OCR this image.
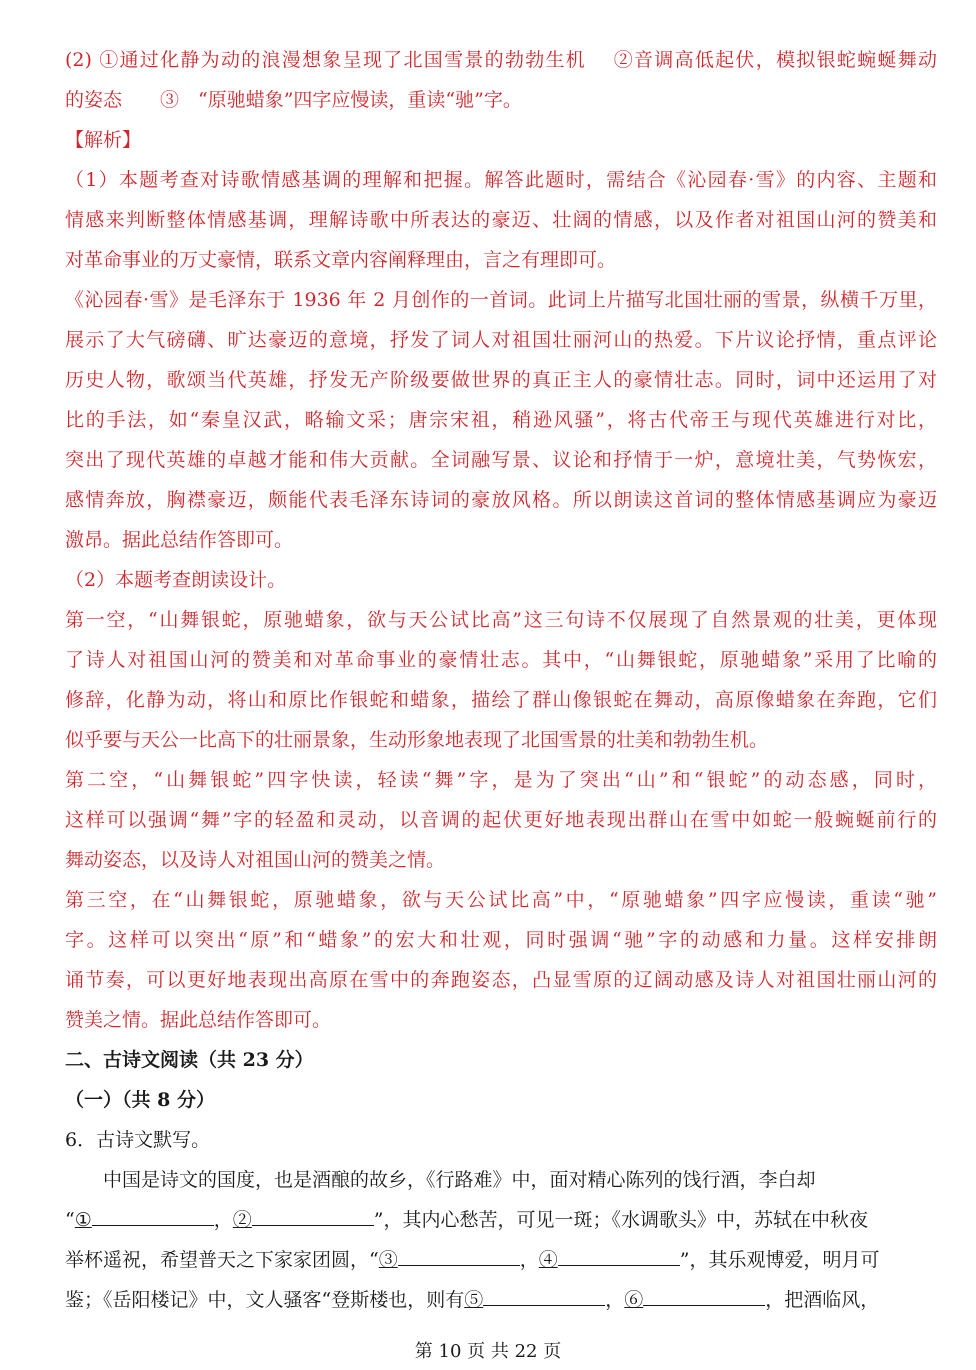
(2) ①通过化静为动的浪漫想象呈现了北国雪景的勃勃生机　 ②音调高低起伏，模拟银蛇蜿蜒舞动
的姿态　　③　“原驰蜡象”四字应慢读，重读“驰”字。
【解析】
（1）本题考查对诗歌情感基调的理解和把握。解答此题时，需结合《沁园春·雪》的内容、主题和
情感来判断整体情感基调，理解诗歌中所表达的豪迈、壮阔的情感，以及作者对祖国山河的赞美和
对革命事业的万丈豪情，联系文章内容阐释理由，言之有理即可。
《沁园春·雪》是毛泽东于 1936 年 2 月创作的一首词。此词上片描写北国壮丽的雪景，纵横千万里，
展示了大气磅礴、旷达豪迈的意境，抒发了词人对祖国壮丽河山的热爱。下片议论抒情，重点评论
历史人物，歌颂当代英雄，抒发无产阶级要做世界的真正主人的豪情壮志。同时，词中还运用了对
比的手法，如“秦皇汉武，略输文采；唐宗宋祖，稍逊风骚”，将古代帝王与现代英雄进行对比，
突出了现代英雄的卓越才能和伟大贡献。全词融写景、议论和抒情于一炉，意境壮美，气势恢宏，
感情奔放，胸襟豪迈，颇能代表毛泽东诗词的豪放风格。所以朗读这首词的整体情感基调应为豪迈
激昂。据此总结作答即可。
（2）本题考查朗读设计。
第一空，“山舞银蛇，原驰蜡象，欲与天公试比高”这三句诗不仅展现了自然景观的壮美，更体现
了诗人对祖国山河的赞美和对革命事业的豪情壮志。其中，“山舞银蛇，原驰蜡象”采用了比喻的
修辞，化静为动，将山和原比作银蛇和蜡象，描绘了群山像银蛇在舞动，高原像蜡象在奔跑，它们
似乎要与天公一比高下的壮丽景象，生动形象地表现了北国雪景的壮美和勃勃生机。
第二空，“山舞银蛇”四字快读，轻读“舞”字，是为了突出“山”和“银蛇”的动态感，同时，
这样可以强调“舞”字的轻盈和灵动，以音调的起伏更好地表现出群山在雪中如蛇一般蜿蜒前行的
舞动姿态，以及诗人对祖国山河的赞美之情。
第三空，在“山舞银蛇，原驰蜡象，欲与天公试比高”中，“原驰蜡象”四字应慢读，重读“驰”
字。这样可以突出“原”和“蜡象”的宏大和壮观，同时强调“驰”字的动感和力量。这样安排朗
诵节奏，可以更好地表现出高原在雪中的奔跑姿态，凸显雪原的辽阔动感及诗人对祖国壮丽山河的
赞美之情。据此总结作答即可。
二、古诗文阅读（共 23 分）
（一）（共 8 分）
6．古诗文默写。
中国是诗文的国度，也是酒酿的故乡，《行路难》中，面对精心陈列的饯行酒，李白却
“①	，②	”，其内心愁苦，可见一斑；《水调歌头》中，苏轼在中秋夜
举杯遥祝，希望普天之下家家团圆，“③	，④	”，其乐观博爱，明月可
鉴；《岳阳楼记》中，文人骚客“登斯楼也，则有⑤	，⑥	，把酒临风，
第 10 页 共 22 页
